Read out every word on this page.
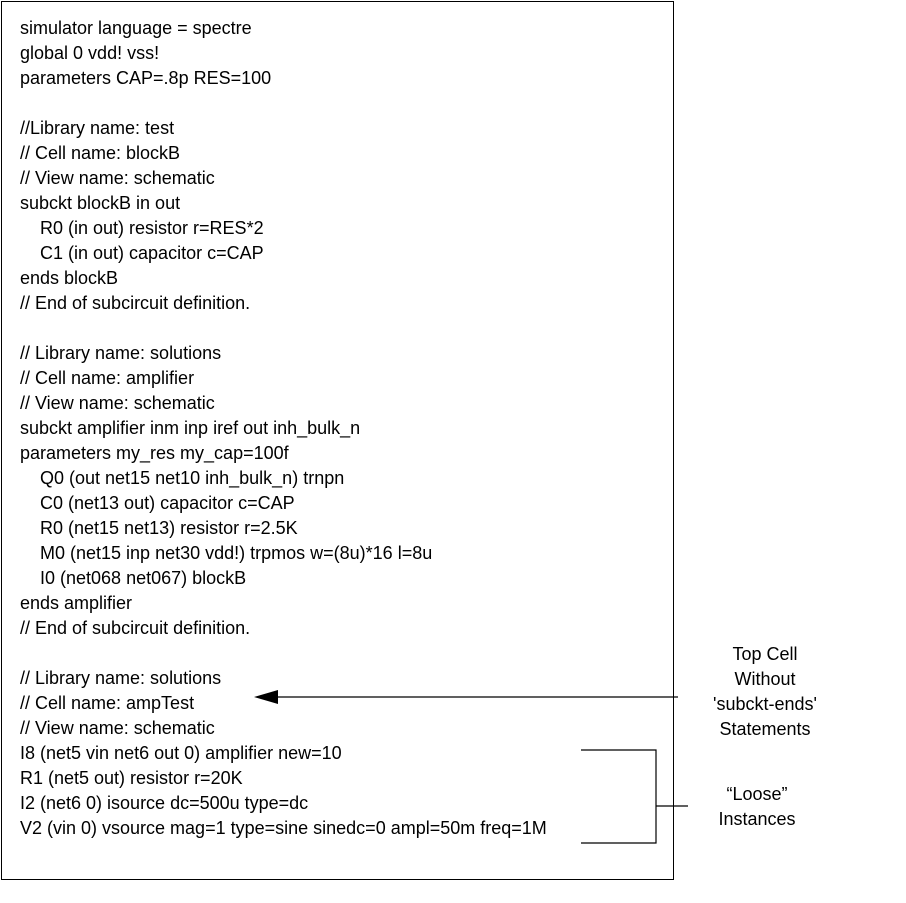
simulator language = spectre
global 0 vdd! vss!
parameters CAP=.8p RES=100
//Library name: test
// Cell name: blockB
// View name: schematic
subckt blockB in out
R0 (in out) resistor r=RES*2
C1 (in out) capacitor c=CAP
ends blockB
// End of subcircuit definition.
// Library name: solutions
// Cell name: amplifier
// View name: schematic
subckt amplifier inm inp iref out inh_bulk_n
parameters my_res my_cap=100f
Q0 (out net15 net10 inh_bulk_n) trnpn
C0 (net13 out) capacitor c=CAP
R0 (net15 net13) resistor r=2.5K
M0 (net15 inp net30 vdd!) trpmos w=(8u)*16 l=8u
I0 (net068 net067) blockB
ends amplifier
// End of subcircuit definition.
// Library name: solutions
// Cell name: ampTest
// View name: schematic
I8 (net5 vin net6 out 0) amplifier new=10
R1 (net5 out) resistor r=20K
I2 (net6 0) isource dc=500u type=dc
V2 (vin 0) vsource mag=1 type=sine sinedc=0 ampl=50m freq=1M
Top Cell
Without
'subckt-ends'
Statements
“Loose”
Instances
